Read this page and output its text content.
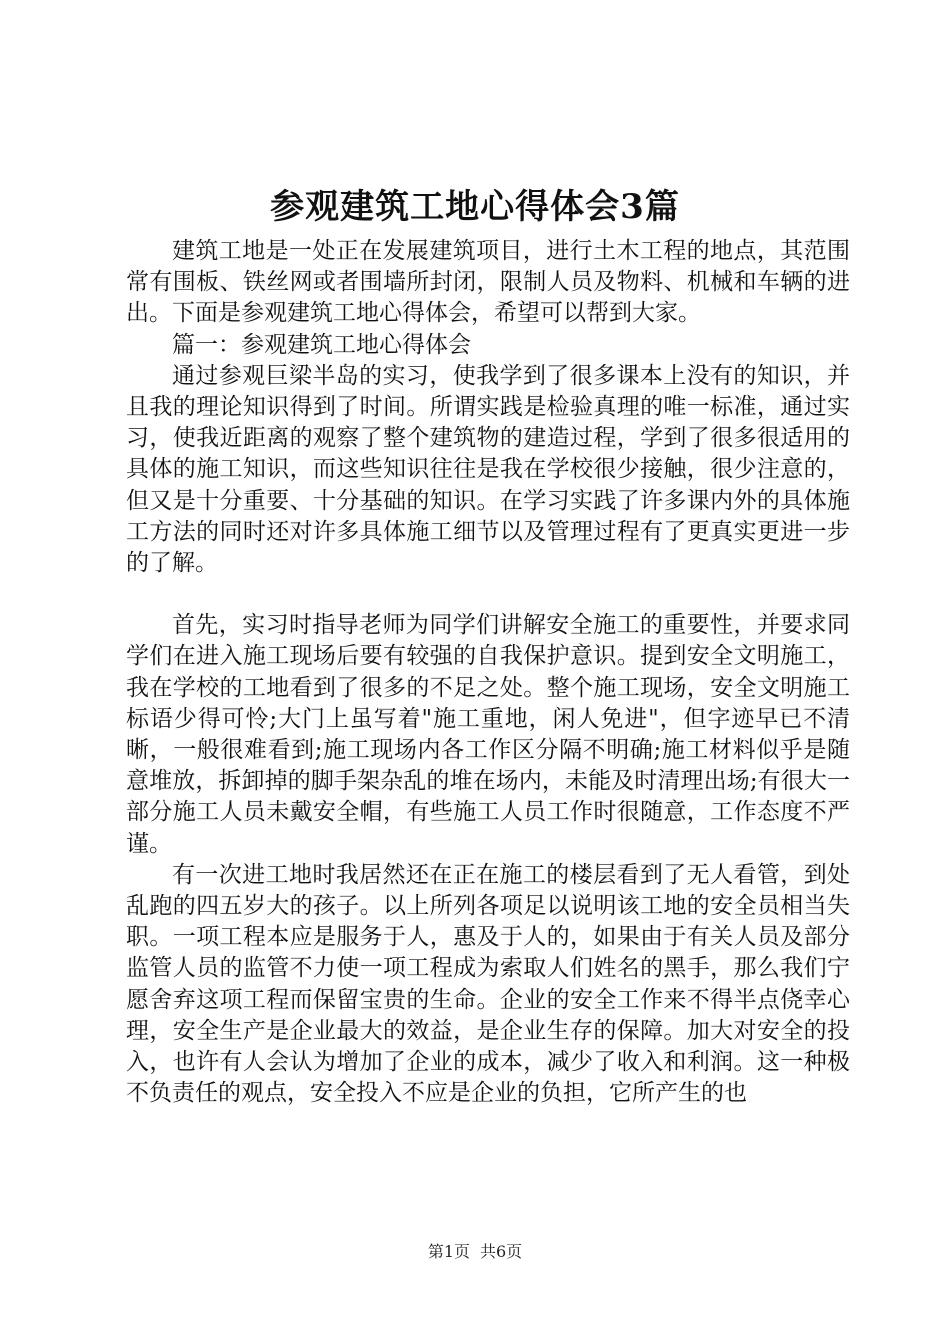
参观建筑工地心得体会3篇

建筑工地是一处正在发展建筑项目，进行土木工程的地点，其范围常有围板、铁丝网或者围墙所封闭，限制人员及物料、机械和车辆的进出。下面是参观建筑工地心得体会，希望可以帮到大家。

篇一：参观建筑工地心得体会

通过参观巨梁半岛的实习，使我学到了很多课本上没有的知识，并且我的理论知识得到了时间。所谓实践是检验真理的唯一标准，通过实习，使我近距离的观察了整个建筑物的建造过程，学到了很多很适用的具体的施工知识，而这些知识往往是我在学校很少接触，很少注意的，但又是十分重要、十分基础的知识。在学习实践了许多课内外的具体施工方法的同时还对许多具体施工细节以及管理过程有了更真实更进一步的了解。

首先，实习时指导老师为同学们讲解安全施工的重要性，并要求同学们在进入施工现场后要有较强的自我保护意识。提到安全文明施工，我在学校的工地看到了很多的不足之处。整个施工现场，安全文明施工标语少得可怜;大门上虽写着"施工重地，闲人免进"，但字迹早已不清晰，一般很难看到;施工现场内各工作区分隔不明确;施工材料似乎是随意堆放，拆卸掉的脚手架杂乱的堆在场内，未能及时清理出场;有很大一部分施工人员未戴安全帽，有些施工人员工作时很随意，工作态度不严谨。

有一次进工地时我居然还在正在施工的楼层看到了无人看管，到处乱跑的四五岁大的孩子。以上所列各项足以说明该工地的安全员相当失职。一项工程本应是服务于人，惠及于人的，如果由于有关人员及部分监管人员的监管不力使一项工程成为索取人们姓名的黑手，那么我们宁愿舍弃这项工程而保留宝贵的生命。企业的安全工作来不得半点侥幸心理，安全生产是企业最大的效益，是企业生存的保障。加大对安全的投入，也许有人会认为增加了企业的成本，减少了收入和利润。这一种极不负责任的观点，安全投入不应是企业的负担，它所产生的也

第1页 共6页
